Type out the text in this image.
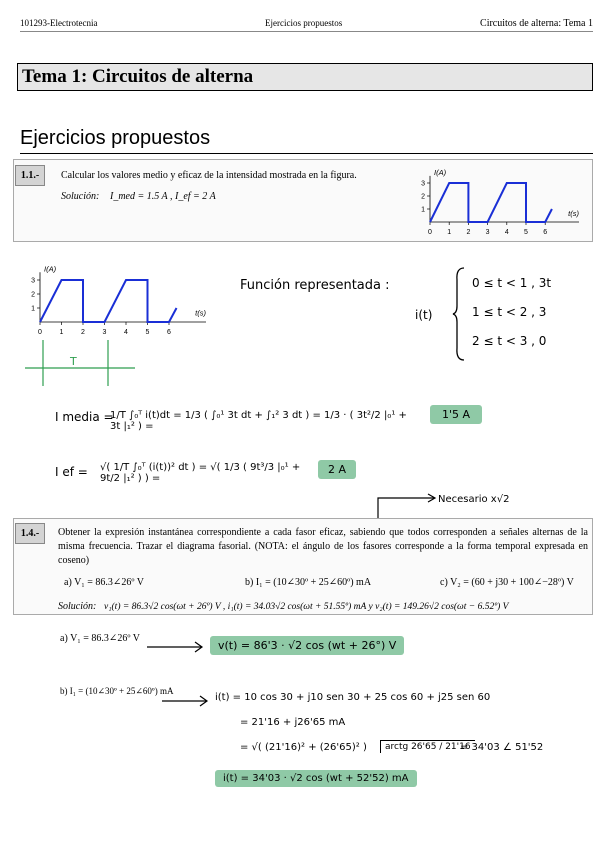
101293-Electrotecnia	Ejercicios propuestos	Circuitos de alterna: Tema 1
Tema 1: Circuitos de alterna
Ejercicios propuestos
1.1.-	Calcular los valores medio y eficaz de la intensidad mostrada en la figura.
Solución: I_med = 1.5 A , I_ef = 2 A
0 1 2 3 4 5 6
1
2
3
I(A)
t(s)
0	1	2	3	4	5	6
1
2
3
I(A)
t(s)
T
Función representada :
i(t)
0 ≤ t < 1 , 3t
1 ≤ t < 2 , 3
2 ≤ t < 3 , 0
I media =
1/T ∫₀ᵀ i(t)dt = 1/3 ( ∫₀¹ 3t dt + ∫₁² 3 dt ) = 1/3 · ( 3t²/2 |₀¹ + 3t |₁² ) =
1'5 A
I ef = √( 1/T ∫₀ᵀ (i(t))² dt ) = √( 1/3 ( 9t³/3 |₀¹ + 9t/2 |₁² ) ) =
2 A
Necesario x√2
1.4.-	Obtener la expresión instantánea correspondiente a cada fasor eficaz, sabiendo que todos corresponden a señales alternas de la misma frecuencia. Trazar el diagrama fasorial. (NOTA: el ángulo de los fasores corresponde a la forma temporal expresada en coseno)
a) V₁ = 86.3∠26º V	b) I₁ = (10∠30º + 25∠60º) mA	c) V₂ = (60 + j30 + 100∠−28º) V
Solución: v₁(t) = 86.3√2 cos(ωt + 26º) V , i₁(t) = 34.03√2 cos(ωt + 51.55º) mA y v₂(t) = 149.26√2 cos(ωt − 6.52º) V
a) V₁ = 86.3∠26º V
v(t) = 86'3 · √2 cos (wt + 26°) V
b) I₁ = (10∠30º + 25∠60º) mA
i(t) = 10 cos 30 + j10 sen 30 + 25 cos 60 + j25 sen 60
= 21'16 + j26'65 mA
= √( (21'16)² + (26'65)² )	arctg 26'65 / 21'16
= 34'03 ∠ 51'52
i(t) = 34'03 · √2 cos (wt + 52'52) mA
